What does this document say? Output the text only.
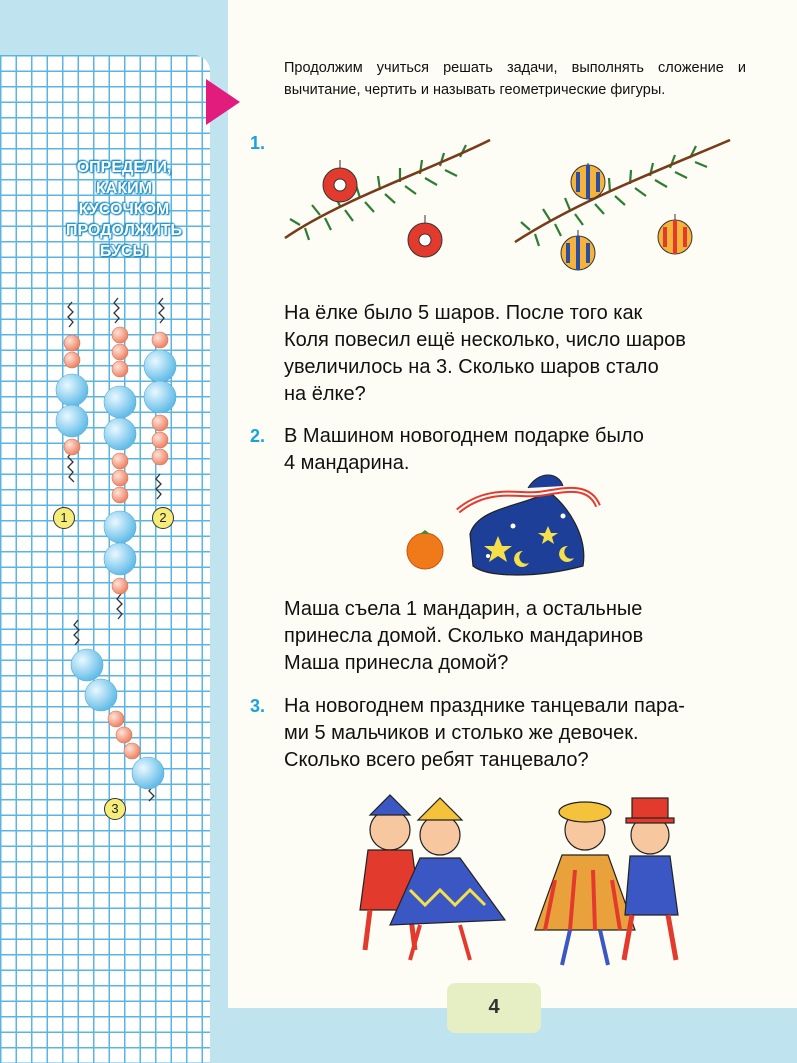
ОПРЕДЕЛИ,
КАКИМ
КУСОЧКОМ
ПРОДОЛЖИТЬ
БУСЫ
1	2
3
Продолжим учиться решать задачи, выполнять сложение и вычитание, чертить и называть геометрические фигуры.
1.
На ёлке было 5 шаров. После того как
Коля повесил ещё несколько, число шаров
увеличилось на 3. Сколько шаров стало
на ёлке?
2. В Машином новогоднем подарке было
4 мандарина.
Маша съела 1 мандарин, а остальные
принесла домой. Сколько мандаринов
Маша принесла домой?
3. На новогоднем празднике танцевали пара-
ми 5 мальчиков и столько же девочек.
Сколько всего ребят танцевало?
4
